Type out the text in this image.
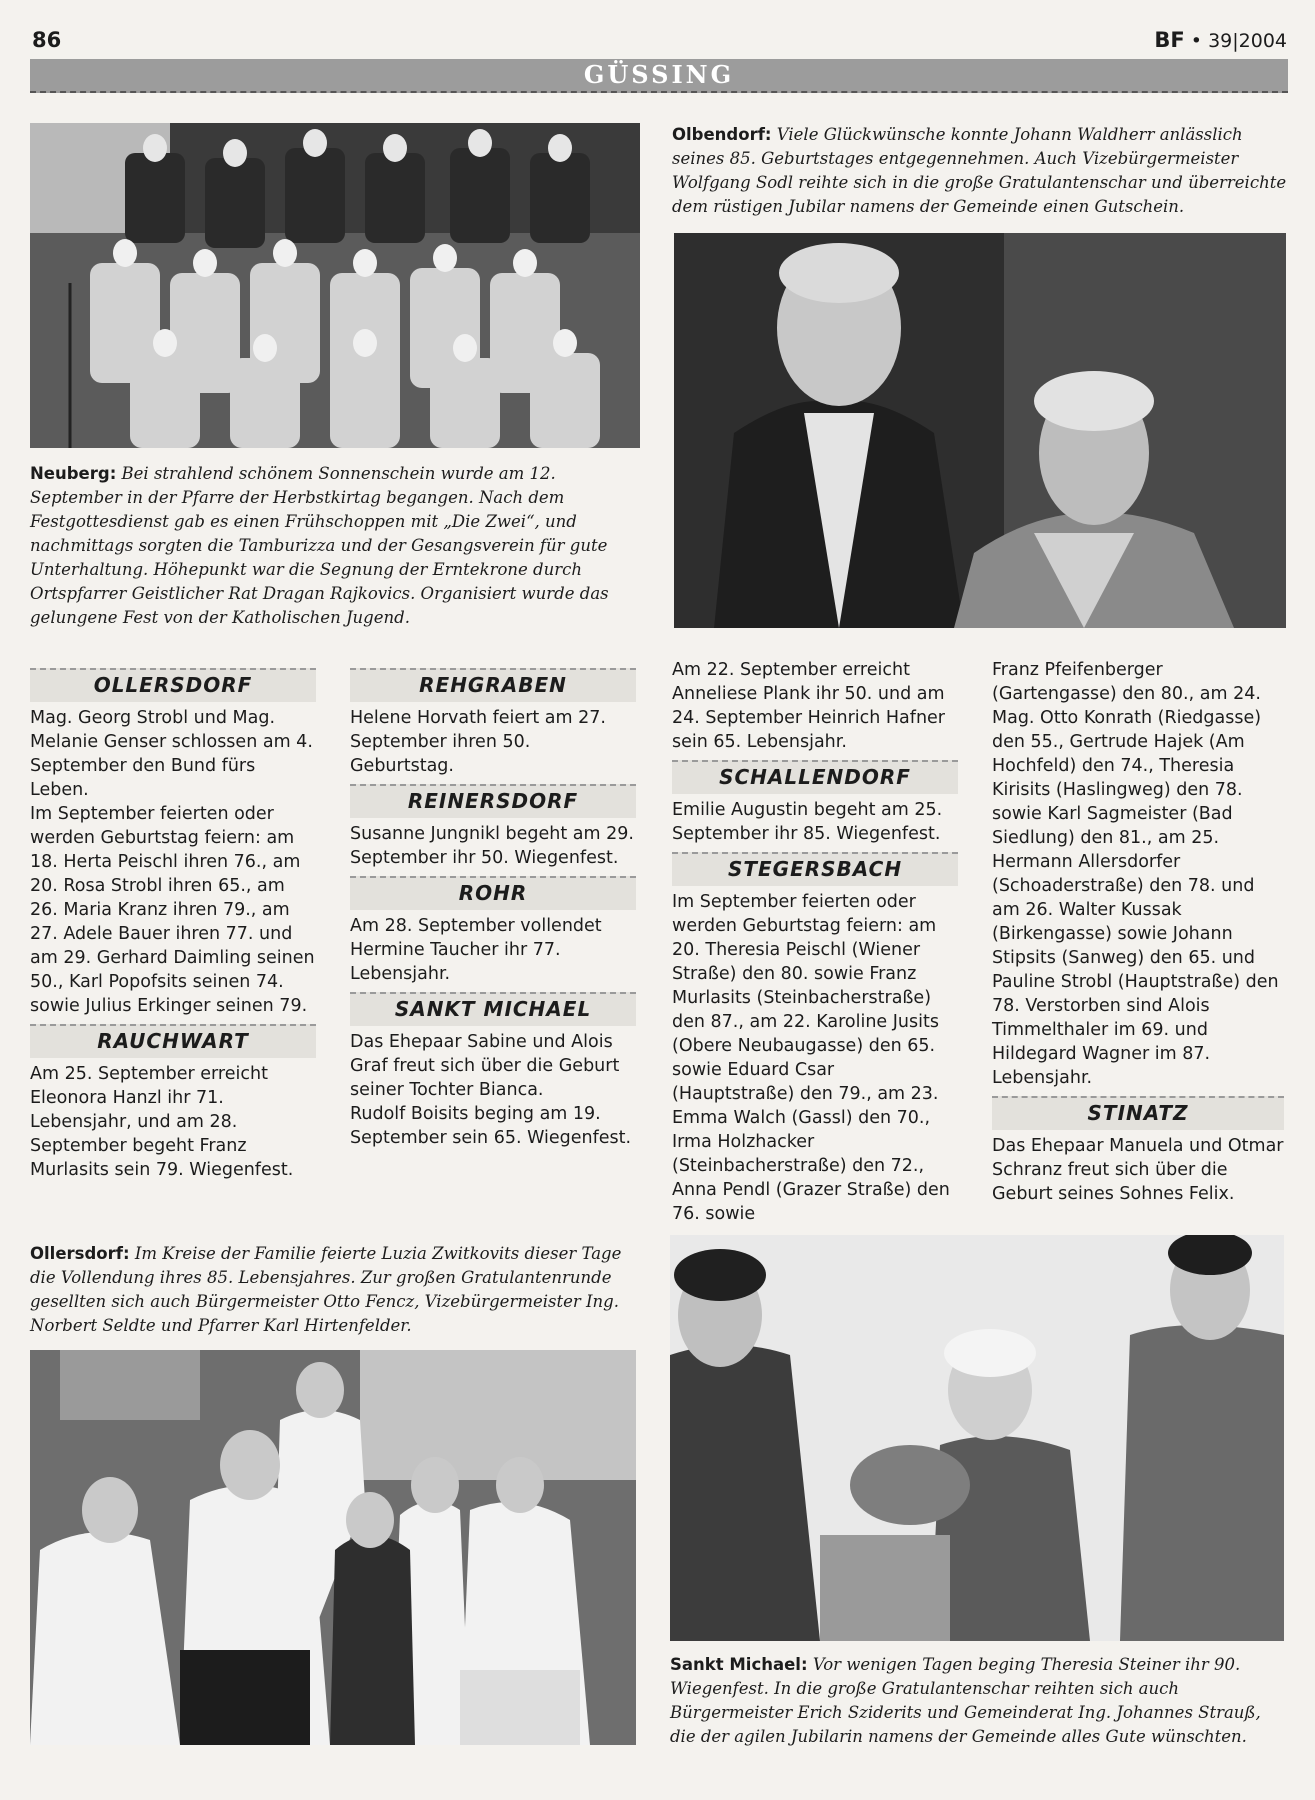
86	BF • 39|2004
GÜSSING
Neuberg: Bei strahlend schönem Sonnenschein wurde am 12. September in der Pfarre der Herbstkirtag begangen. Nach dem Festgottesdienst gab es einen Frühschoppen mit „Die Zwei“, und nachmittags sorgten die Tamburizza und der Gesangsverein für gute Unterhaltung. Höhepunkt war die Segnung der Erntekrone durch Ortspfarrer Geistlicher Rat Dragan Rajkovics. Organisiert wurde das gelungene Fest von der Katholischen Jugend.
Olbendorf: Viele Glückwünsche konnte Johann Waldherr anlässlich seines 85. Geburtstages entgegennehmen. Auch Vizebürgermeister Wolfgang Sodl reihte sich in die große Gratulantenschar und überreichte dem rüstigen Jubilar namens der Gemeinde einen Gutschein.
OLLERSDORF

Mag. Georg Strobl und Mag. Melanie Genser schlossen am 4. September den Bund fürs Leben.

Im September feierten oder werden Geburtstag feiern: am 18. Herta Peischl ihren 76., am 20. Rosa Strobl ihren 65., am 26. Maria Kranz ihren 79., am 27. Adele Bauer ihren 77. und am 29. Gerhard Daimling seinen 50., Karl Popofsits seinen 74. sowie Julius Erkinger seinen 79.

RAUCHWART

Am 25. September erreicht Eleonora Hanzl ihr 71. Lebensjahr, und am 28. September begeht Franz Murlasits sein 79. Wiegenfest.

REHGRABEN

Helene Horvath feiert am 27. September ihren 50. Geburtstag.

REINERSDORF

Susanne Jungnikl begeht am 29. September ihr 50. Wiegenfest.

ROHR

Am 28. September vollendet Hermine Taucher ihr 77. Lebensjahr.

SANKT MICHAEL

Das Ehepaar Sabine und Alois Graf freut sich über die Geburt seiner Tochter Bianca.

Rudolf Boisits beging am 19. September sein 65. Wiegenfest.

Am 22. September erreicht Anneliese Plank ihr 50. und am 24. September Heinrich Hafner sein 65. Lebensjahr.

SCHALLENDORF

Emilie Augustin begeht am 25. September ihr 85. Wiegenfest.

STEGERSBACH

Im September feierten oder werden Geburtstag feiern: am 20. Theresia Peischl (Wiener Straße) den 80. sowie Franz Murlasits (Steinbacherstraße) den 87., am 22. Karoline Jusits (Obere Neubaugasse) den 65. sowie Eduard Csar (Hauptstraße) den 79., am 23. Emma Walch (Gassl) den 70., Irma Holzhacker (Steinbacherstraße) den 72., Anna Pendl (Grazer Straße) den 76. sowie

Franz Pfeifenberger (Gartengasse) den 80., am 24. Mag. Otto Konrath (Riedgasse) den 55., Gertrude Hajek (Am Hochfeld) den 74., Theresia Kirisits (Haslingweg) den 78. sowie Karl Sagmeister (Bad Siedlung) den 81., am 25. Hermann Allersdorfer (Schoaderstraße) den 78. und am 26. Walter Kussak (Birkengasse) sowie Johann Stipsits (Sanweg) den 65. und Pauline Strobl (Hauptstraße) den 78. Verstorben sind Alois Timmelthaler im 69. und Hildegard Wagner im 87. Lebensjahr.

STINATZ

Das Ehepaar Manuela und Otmar Schranz freut sich über die Geburt seines Sohnes Felix.

Ollersdorf: Im Kreise der Familie feierte Luzia Zwitkovits dieser Tage die Vollendung ihres 85. Lebensjahres. Zur großen Gratulantenrunde gesellten sich auch Bürgermeister Otto Fencz, Vizebürgermeister Ing. Norbert Seldte und Pfarrer Karl Hirtenfelder.
Sankt Michael: Vor wenigen Tagen beging Theresia Steiner ihr 90. Wiegenfest. In die große Gratulantenschar reihten sich auch Bürgermeister Erich Sziderits und Gemeinderat Ing. Johannes Strauß, die der agilen Jubilarin namens der Gemeinde alles Gute wünschten.
